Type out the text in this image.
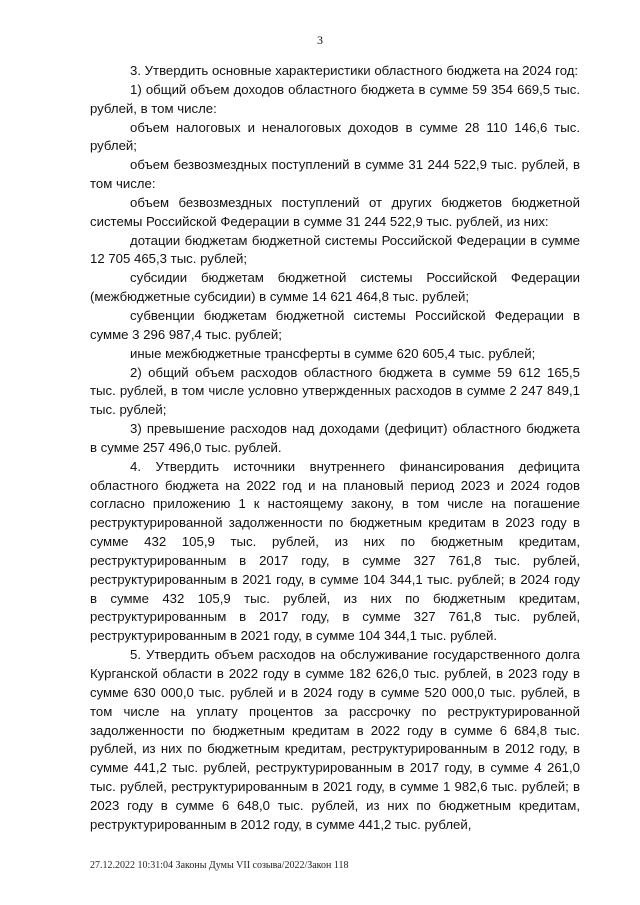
3

3. Утвердить основные характеристики областного бюджета на 2024 год:

1) общий объем доходов областного бюджета в сумме 59 354 669,5 тыс. рублей, в том числе:

объем налоговых и неналоговых доходов в сумме 28 110 146,6 тыс. рублей;

объем безвозмездных поступлений в сумме 31 244 522,9 тыс. рублей, в том числе:

объем безвозмездных поступлений от других бюджетов бюджетной системы Российской Федерации в сумме 31 244 522,9 тыс. рублей, из них:

дотации бюджетам бюджетной системы Российской Федерации в сумме 12 705 465,3 тыс. рублей;

субсидии бюджетам бюджетной системы Российской Федерации (межбюджетные субсидии) в сумме 14 621 464,8 тыс. рублей;

субвенции бюджетам бюджетной системы Российской Федерации в сумме 3 296 987,4 тыс. рублей;

иные межбюджетные трансферты в сумме 620 605,4 тыс. рублей;

2) общий объем расходов областного бюджета в сумме 59 612 165,5 тыс. рублей, в том числе условно утвержденных расходов в сумме 2 247 849,1 тыс. рублей;

3) превышение расходов над доходами (дефицит) областного бюджета в сумме 257 496,0 тыс. рублей.

4. Утвердить источники внутреннего финансирования дефицита областного бюджета на 2022 год и на плановый период 2023 и 2024 годов согласно приложению 1 к настоящему закону, в том числе на погашение реструктурированной задолженности по бюджетным кредитам в 2023 году в сумме 432 105,9 тыс. рублей, из них по бюджетным кредитам, реструктурированным в 2017 году, в сумме 327 761,8 тыс. рублей, реструктурированным в 2021 году, в сумме 104 344,1 тыс. рублей; в 2024 году в сумме 432 105,9 тыс. рублей, из них по бюджетным кредитам, реструктурированным в 2017 году, в сумме 327 761,8 тыс. рублей, реструктурированным в 2021 году, в сумме 104 344,1 тыс. рублей.

5. Утвердить объем расходов на обслуживание государственного долга Курганской области в 2022 году в сумме 182 626,0 тыс. рублей, в 2023 году в сумме 630 000,0 тыс. рублей и в 2024 году в сумме 520 000,0 тыс. рублей, в том числе на уплату процентов за рассрочку по реструктурированной задолженности по бюджетным кредитам в 2022 году в сумме 6 684,8 тыс. рублей, из них по бюджетным кредитам, реструктурированным в 2012 году, в сумме 441,2 тыс. рублей, реструктурированным в 2017 году, в сумме 4 261,0 тыс. рублей, реструктурированным в 2021 году, в сумме 1 982,6 тыс. рублей; в 2023 году в сумме 6 648,0 тыс. рублей, из них по бюджетным кредитам, реструктурированным в 2012 году, в сумме 441,2 тыс. рублей,

27.12.2022 10:31:04 Законы Думы VII созыва/2022/Закон 118
